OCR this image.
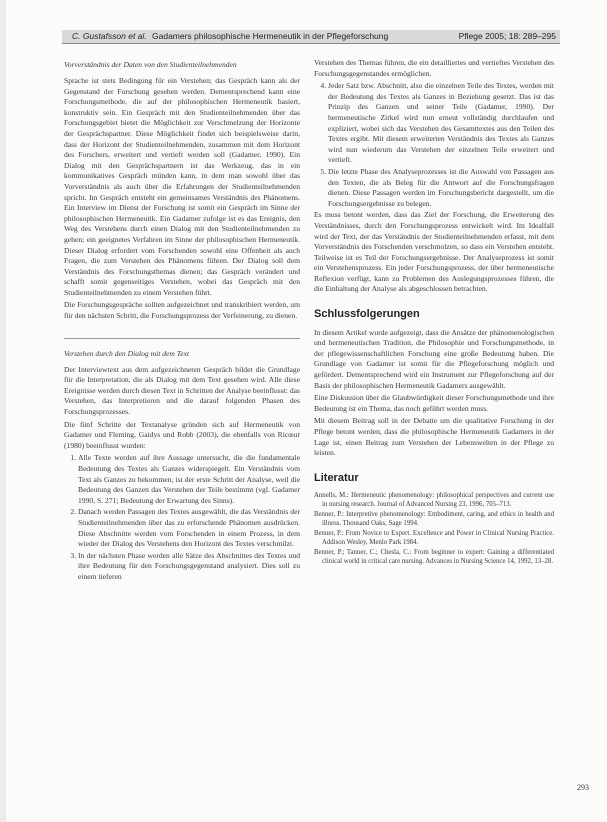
C. Gustafsson et al. Gadamers philosophische Hermeneutik in der Pflegeforschung	Pflege 2005; 18: 289–295

Vorverständnis der Daten von den Studienteilnehmenden

Sprache ist stets Bedingung für ein Verstehen; das Gespräch kann als der Gegenstand der Forschung gesehen werden. Dementsprechend kann eine Forschungsmethode, die auf der philosophischen Hermeneutik basiert, konstruktiv sein. Ein Gespräch mit den Studienteilnehmenden über das Forschungsgebiet bietet die Möglichkeit zur Verschmelzung der Horizonte der Gesprächspartner. Diese Möglichkeit findet sich beispielsweise darin, dass der Horizont der Studienteilnehmenden, zusammen mit dem Horizont des Forschers, erweitert und vertieft werden soll (Gadamer, 1990). Ein Dialog mit den Gesprächspartnern ist das Werkzeug, das in ein kommunikatives Gespräch münden kann, in dem man sowohl über das Vorverständnis als auch über die Erfahrungen der Studienteilnehmenden spricht. Im Gespräch entsteht ein gemeinsames Verständnis des Phänomens. Ein Interview im Dienst der Forschung ist somit ein Gespräch im Sinne der philosophischen Hermeneutik. Ein Gadamer zufolge ist es das Ereignis, den Weg des Verstehens durch einen Dialog mit den Studienteilnehmenden zu gehen; ein geeignetes Verfahren im Sinne der philosophischen Hermeneutik. Dieser Dialog erfordert vom Forschenden sowohl eine Offenheit als auch Fragen, die zum Verstehen des Phänomens führen. Der Dialog soll dem Verständnis des Forschungsthemas dienen; das Gespräch verändert und schafft somit gegenseitiges Verstehen, wobei das Gespräch mit den Studienteilnehmenden zu einem Verstehen führt.

Die Forschungsgespräche sollten aufgezeichnet und transkribiert werden, um für den nächsten Schritt, die Forschungsprozess der Verfeinerung, zu dienen.

Verstehen durch den Dialog mit dem Text

Der Interviewtext aus dem aufgezeichneten Gespräch bildet die Grundlage für die Interpretation, die als Dialog mit dem Text gesehen wird. Alle diese Ereignisse werden durch diesen Text in Schritten der Analyse beeinflusst: das Verstehen, das Interpretieren und die darauf folgenden Phasen des Forschungsprozesses.

Die fünf Schritte der Textanalyse gründen sich auf Hermeneutik von Gadamer und Fleming, Gaidys und Robb (2003), die ebenfalls von Ricœur (1980) beeinflusst wurden:

1. Alle Texte werden auf ihre Aussage untersucht, die die fundamentale Bedeutung des Textes als Ganzes widerspiegelt. Ein Verständnis vom Text als Ganzes zu bekommen, ist der erste Schritt der Analyse, weil die Bedeutung des Ganzen das Verstehen der Teile bestimmt (vgl. Gadamer 1990, S. 271; Bedeutung der Erwartung des Sinns).
2. Danach werden Passagen des Textes ausgewählt, die das Verständnis der Studienteilnehmenden über das zu erforschende Phänomen ausdrücken. Diese Abschnitte werden vom Forschenden in einem Prozess, in dem wieder der Dialog des Verstehens den Horizont des Textes verschmilzt.
3. In der nächsten Phase werden alle Sätze des Abschnittes des Textes und ihre Bedeutung für den Forschungsgegenstand analysiert. Dies soll zu einem tieferen

Verstehen des Themas führen, die ein detailliertes und vertieftes Verstehen des Forschungsgegenstandes ermöglichen.

4. Jeder Satz bzw. Abschnitt, also die einzelnen Teile des Textes, werden mit der Bedeutung des Textes als Ganzes in Beziehung gesetzt. Das ist das Prinzip des Ganzen und seiner Teile (Gadamer, 1990). Der hermeneutische Zirkel wird nun erneut vollständig durchlaufen und expliziert, wobei sich das Verstehen des Gesamttextes aus den Teilen des Textes ergibt. Mit diesem erweiterten Verständnis des Textes als Ganzes wird nun wiederum das Verstehen der einzelnen Teile erweitert und vertieft.
5. Die letzte Phase des Analyseprozesses ist die Auswahl von Passagen aus den Texten, die als Beleg für die Antwort auf die Forschungsfragen dienen. Diese Passagen werden im Forschungsbericht dargestellt, um die Forschungsergebnisse zu belegen.

Es muss betont werden, dass das Ziel der Forschung, die Erweiterung des Verständnisses, durch den Forschungsprozess entwickelt wird. Im Idealfall wird der Text, der das Verständnis der Studienteilnehmenden erfasst, mit dem Vorverständnis des Forschenden verschmolzen, so dass ein Verstehen entsteht. Teilweise ist es Teil der Forschungsergebnisse. Der Analyseprozess ist somit ein Verstehensprozess. Ein jeder Forschungsprozess, der über hermeneutische Reflexion verfügt, kann zu Problemen des Auslegungsprozesses führen, die die Einhaltung der Analyse als abgeschlossen betrachten.

Schlussfolgerungen

In diesem Artikel wurde aufgezeigt, dass die Ansätze der phänomenologischen und hermeneutischen Tradition, die Philosophie und Forschungsmethode, in der pflegewissenschaftlichen Forschung eine große Bedeutung haben. Die Grundlage von Gadamer ist somit für die Pflegeforschung möglich und gefördert. Dementsprechend wird ein Instrument zur Pflegeforschung auf der Basis der philosophischen Hermeneutik Gadamers ausgewählt.

Eine Diskussion über die Glaubwürdigkeit dieser Forschungsmethode und ihre Bedeutung ist ein Thema, das noch geführt werden muss.

Mit diesem Beitrag soll in der Debatte um die qualitative Forschung in der Pflege betont werden, dass die philosophische Hermeneutik Gadamers in der Lage ist, einen Beitrag zum Verstehen der Lebenswelten in der Pflege zu leisten.

Literatur

Annells, M.: Hermeneutic phenomenology: philosophical perspectives and current use in nursing research. Journal of Advanced Nursing 23, 1996, 705–713.

Benner, P.: Interpretive phenomenology: Embodiment, caring, and ethics in health and illness. Thousand Oaks, Sage 1994.

Benner, P.: From Novice to Expert. Excellence and Power in Clinical Nursing Practice. Addison Wesley, Menlo Park 1984.

Benner, P.; Tanner, C.; Chesla, C.: From beginner to expert: Gaining a differentiated clinical world in critical care nursing. Advances in Nursing Science 14, 1992, 13–28.

293
